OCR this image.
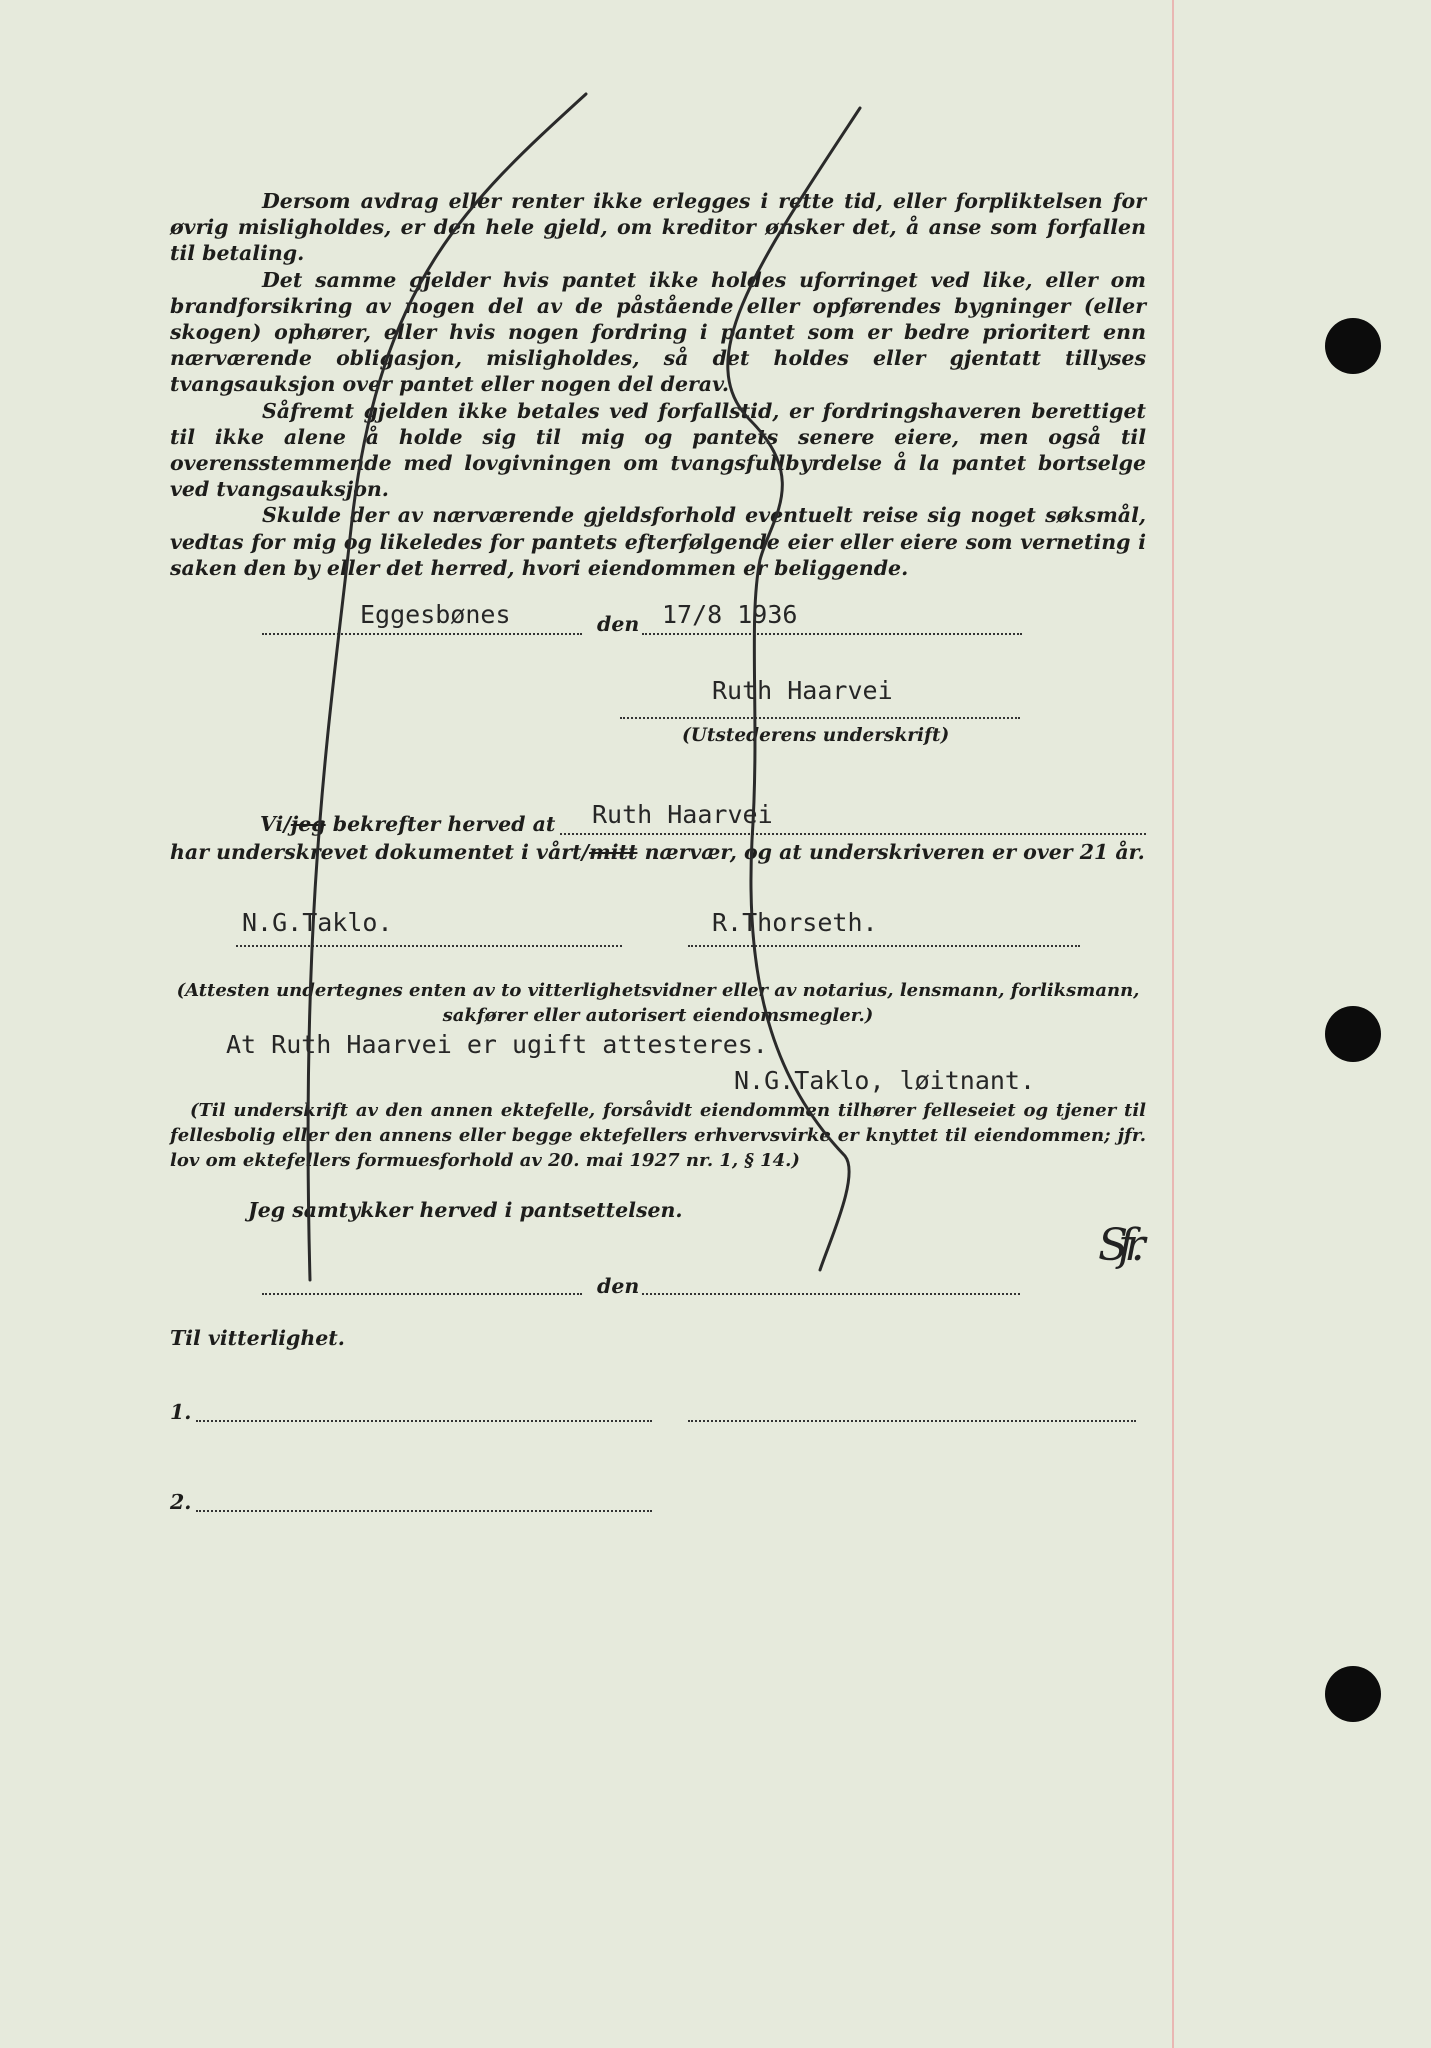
Dersom avdrag eller renter ikke erlegges i rette tid, eller forpliktelsen for øvrig misligholdes, er den hele gjeld, om kreditor ønsker det, å anse som forfallen til betaling.

Det samme gjelder hvis pantet ikke holdes uforringet ved like, eller om brandforsikring av nogen del av de påstående eller opførendes bygninger (eller skogen) ophører, eller hvis nogen fordring i pantet som er bedre prioritert enn nærværende obligasjon, misligholdes, så det holdes eller gjentatt tillyses tvangsauksjon over pantet eller nogen del derav.

Såfremt gjelden ikke betales ved forfallstid, er fordringshaveren berettiget til ikke alene å holde sig til mig og pantets senere eiere, men også til overensstemmende med lovgivningen om tvangsfullbyrdelse å la pantet bortselge ved tvangsauksjon.

Skulde der av nærværende gjeldsforhold eventuelt reise sig noget søksmål, vedtas for mig og likeledes for pantets efterfølgende eier eller eiere som verneting i saken den by eller det herred, hvori eiendommen er beliggende.

Eggesbønes	den 17/8 1936
Ruth Haarvei
(Utstederens underskrift)
Vi/jeg bekrefter herved at Ruth Haarvei
har underskrevet dokumentet i vårt/mitt nærvær, og at underskriveren er over 21 år.
N.G.Taklo.	R.Thorseth.
(Attesten undertegnes enten av to vitterlighetsvidner eller av notarius, lensmann, forliksmann, sakfører eller autorisert eiendomsmegler.)
At Ruth Haarvei er ugift attesteres.
N.G.Taklo, løitnant.
(Til underskrift av den annen ektefelle, forsåvidt eiendommen tilhører felleseiet og tjener til fellesbolig eller den annens eller begge ektefellers erhvervsvirke er knyttet til eiendommen; jfr. lov om ektefellers formuesforhold av 20. mai 1927 nr. 1, § 14.)
Jeg samtykker herved i pantsettelsen.
Sfr.
den
Til vitterlighet.
1.
2.
